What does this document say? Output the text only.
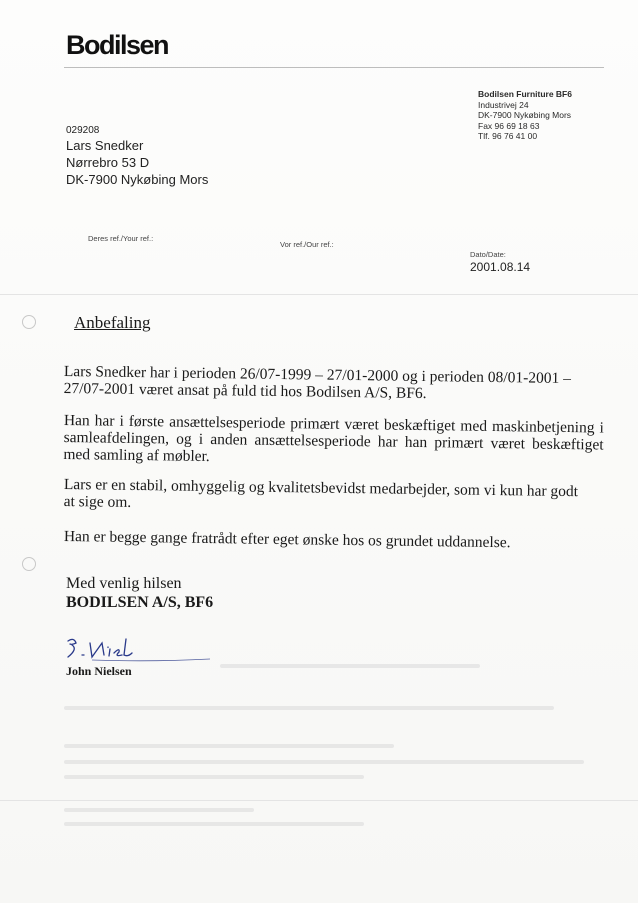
Bodilsen
Bodilsen Furniture BF6
Industrivej 24
DK-7900 Nykøbing Mors
Fax 96 69 18 63
Tlf. 96 76 41 00
029208
Lars Snedker
Nørrebro 53 D
DK-7900 Nykøbing Mors
Deres ref./Your ref.:
Vor ref./Our ref.:
Dato/Date:
2001.08.14
Anbefaling
Lars Snedker har i perioden 26/07-1999 – 27/01-2000 og i perioden 08/01-2001 – 27/07-2001 været ansat på fuld tid hos Bodilsen A/S, BF6.
Han har i første ansættelsesperiode primært været beskæftiget med maskinbetjening i samleafdelingen, og i anden ansættelsesperiode har han primært været beskæftiget med samling af møbler.
Lars er en stabil, omhyggelig og kvalitetsbevidst medarbejder, som vi kun har godt at sige om.
Han er begge gange fratrådt efter eget ønske hos os grundet uddannelse.
Med venlig hilsen
BODILSEN A/S, BF6
John Nielsen
